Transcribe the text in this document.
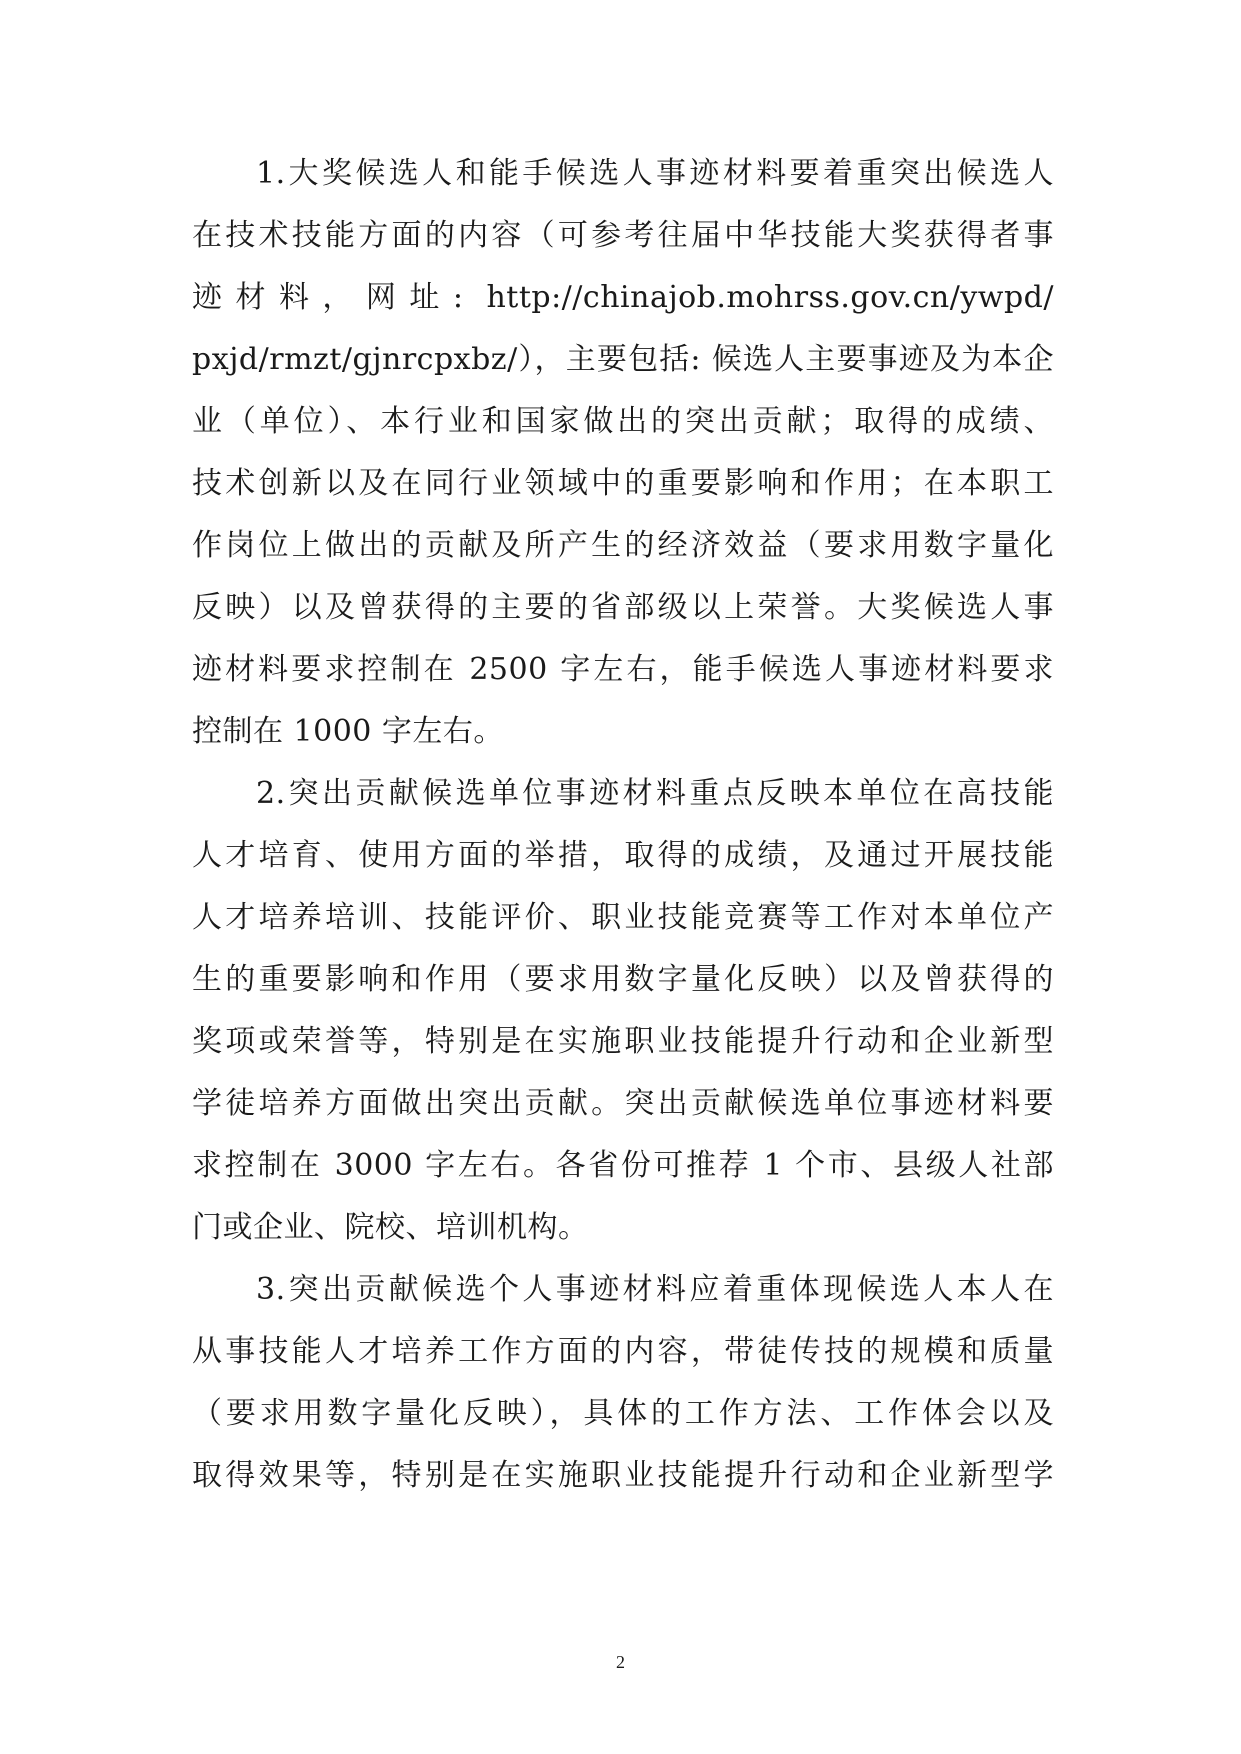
1.大奖候选人和能手候选人事迹材料要着重突出候选人
在技术技能方面的内容（可参考往届中华技能大奖获得者事
迹材料，网址: http://chinajob.mohrss.gov.cn/ywpd/
pxjd/rmzt/gjnrcpxbz/），主要包括: 候选人主要事迹及为本企
业（单位）、本行业和国家做出的突出贡献；取得的成绩、
技术创新以及在同行业领域中的重要影响和作用；在本职工
作岗位上做出的贡献及所产生的经济效益（要求用数字量化
反映）以及曾获得的主要的省部级以上荣誉。大奖候选人事
迹材料要求控制在 2500 字左右，能手候选人事迹材料要求
控制在 1000 字左右。
2.突出贡献候选单位事迹材料重点反映本单位在高技能
人才培育、使用方面的举措，取得的成绩，及通过开展技能
人才培养培训、技能评价、职业技能竞赛等工作对本单位产
生的重要影响和作用（要求用数字量化反映）以及曾获得的
奖项或荣誉等，特别是在实施职业技能提升行动和企业新型
学徒培养方面做出突出贡献。突出贡献候选单位事迹材料要
求控制在 3000 字左右。各省份可推荐 1 个市、县级人社部
门或企业、院校、培训机构。
3.突出贡献候选个人事迹材料应着重体现候选人本人在
从事技能人才培养工作方面的内容，带徒传技的规模和质量
（要求用数字量化反映），具体的工作方法、工作体会以及
取得效果等，特别是在实施职业技能提升行动和企业新型学
2
